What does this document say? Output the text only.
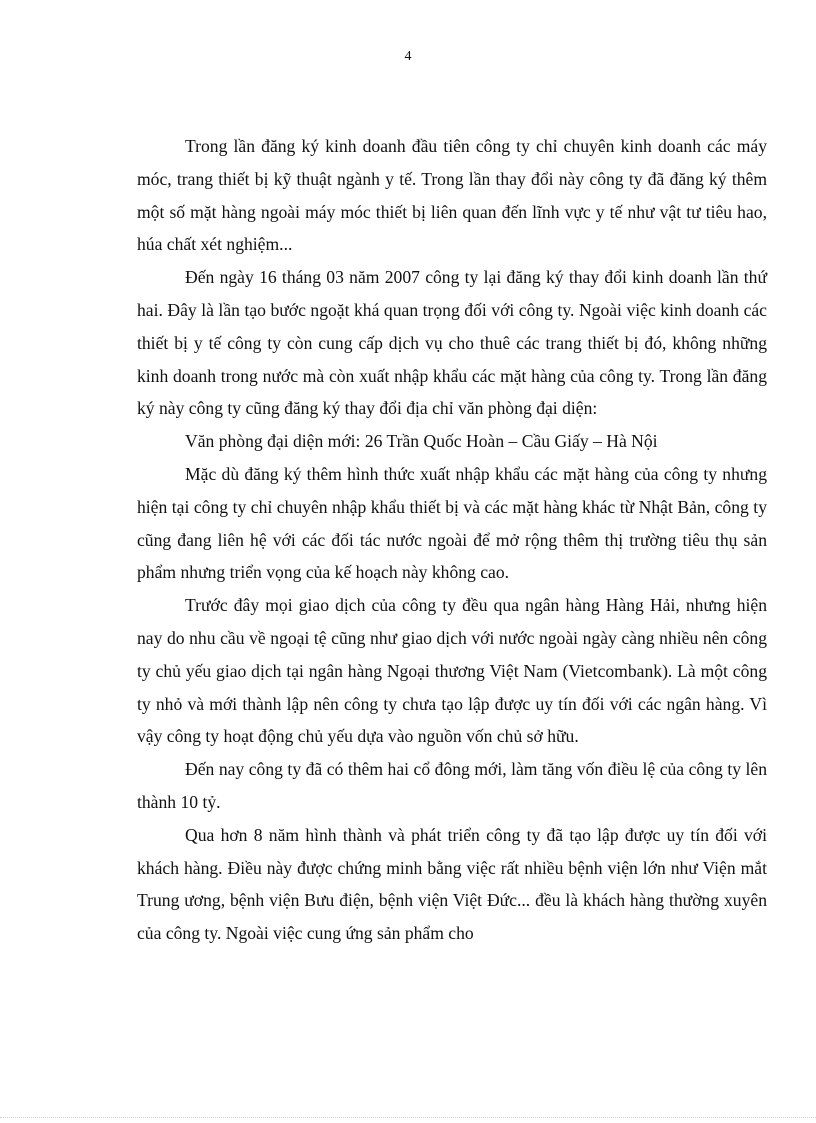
4

Trong lần đăng ký kinh doanh đầu tiên công ty chỉ chuyên kinh doanh các máy móc, trang thiết bị kỹ thuật ngành y tế. Trong lần thay đổi này công ty đã đăng ký thêm một số mặt hàng ngoài máy móc thiết bị liên quan đến lĩnh vực y tế như vật tư tiêu hao, húa chất xét nghiệm...

Đến ngày 16 tháng 03 năm 2007 công ty lại đăng ký thay đổi kinh doanh lần thứ hai. Đây là lần tạo bước ngoặt khá quan trọng đối với công ty. Ngoài việc kinh doanh các thiết bị y tế công ty còn cung cấp dịch vụ cho thuê các trang thiết bị đó, không những kinh doanh trong nước mà còn xuất nhập khẩu các mặt hàng của công ty. Trong lần đăng ký này công ty cũng đăng ký thay đổi địa chỉ văn phòng đại diện:

Văn phòng đại diện mới: 26 Trần Quốc Hoàn – Cầu Giấy – Hà Nội

Mặc dù đăng ký thêm hình thức xuất nhập khẩu các mặt hàng của công ty nhưng hiện tại công ty chỉ chuyên nhập khẩu thiết bị và các mặt hàng khác từ Nhật Bản, công ty cũng đang liên hệ với các đối tác nước ngoài để mở rộng thêm thị trường tiêu thụ sản phẩm nhưng triển vọng của kế hoạch này không cao.

Trước đây mọi giao dịch của công ty đều qua ngân hàng Hàng Hải, nhưng hiện nay do nhu cầu về ngoại tệ cũng như giao dịch với nước ngoài ngày càng nhiều nên công ty chủ yếu giao dịch tại ngân hàng Ngoại thương Việt Nam (Vietcombank). Là một công ty nhỏ và mới thành lập nên công ty chưa tạo lập được uy tín đối với các ngân hàng. Vì vậy công ty hoạt động chủ yếu dựa vào nguồn vốn chủ sở hữu.

Đến nay công ty đã có thêm hai cổ đông mới, làm tăng vốn điều lệ của công ty lên thành 10 tỷ.

Qua hơn 8 năm hình thành và phát triển công ty đã tạo lập được uy tín đối với khách hàng. Điều này được chứng minh bằng việc rất nhiều bệnh viện lớn như Viện mắt Trung ương, bệnh viện Bưu điện, bệnh viện Việt Đức... đều là khách hàng thường xuyên của công ty. Ngoài việc cung ứng sản phẩm cho
